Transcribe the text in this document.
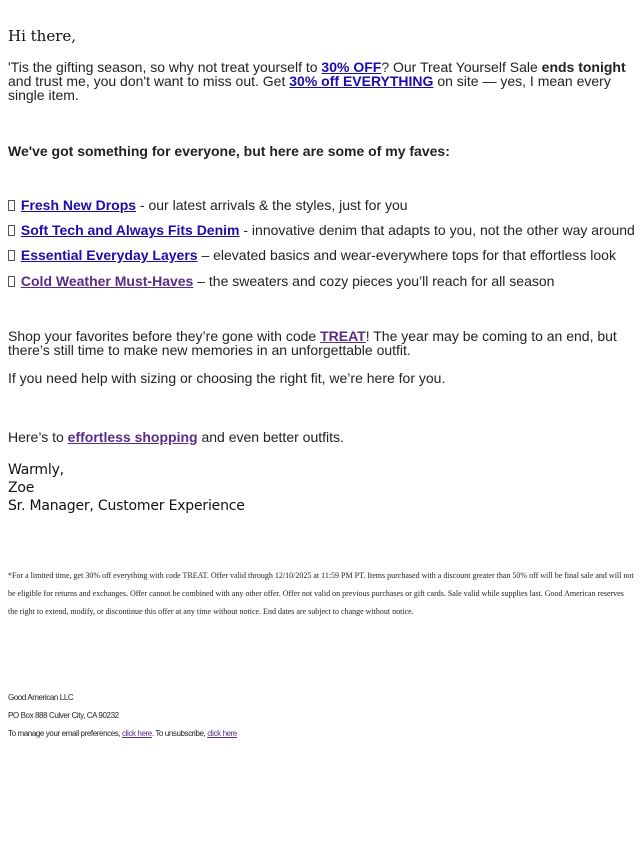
Hi there,
'Tis the gifting season, so why not treat yourself to 30% OFF? Our Treat Yourself Sale ends tonight and trust me, you don't want to miss out. Get 30% off EVERYTHING on site — yes, I mean every single item.
We've got something for everyone, but here are some of my faves:
Fresh New Drops - our latest arrivals & the styles, just for you
Soft Tech and Always Fits Denim - innovative denim that adapts to you, not the other way around
Essential Everyday Layers – elevated basics and wear-everywhere tops for that effortless look
Cold Weather Must-Haves – the sweaters and cozy pieces you’ll reach for all season
Shop your favorites before they’re gone with code TREAT! The year may be coming to an end, but there’s still time to make new memories in an unforgettable outfit.
If you need help with sizing or choosing the right fit, we’re here for you.
Here’s to effortless shopping and even better outfits.
Warmly,
Zoe
Sr. Manager, Customer Experience
*For a limited time, get 30% off everything with code TREAT. Offer valid through 12/10/2025 at 11:59 PM PT. Items purchased with a discount greater than 50% off will be final sale and will not be eligible for returns and exchanges. Offer cannot be combined with any other offer. Offer not valid on previous purchases or gift cards. Sale valid while supplies last. Good American reserves the right to extend, modify, or discontinue this offer at any time without notice. End dates are subject to change without notice.
Good American LLC
PO Box 888 Culver City, CA 90232
To manage your email preferences, click here. To unsubscribe, click here
